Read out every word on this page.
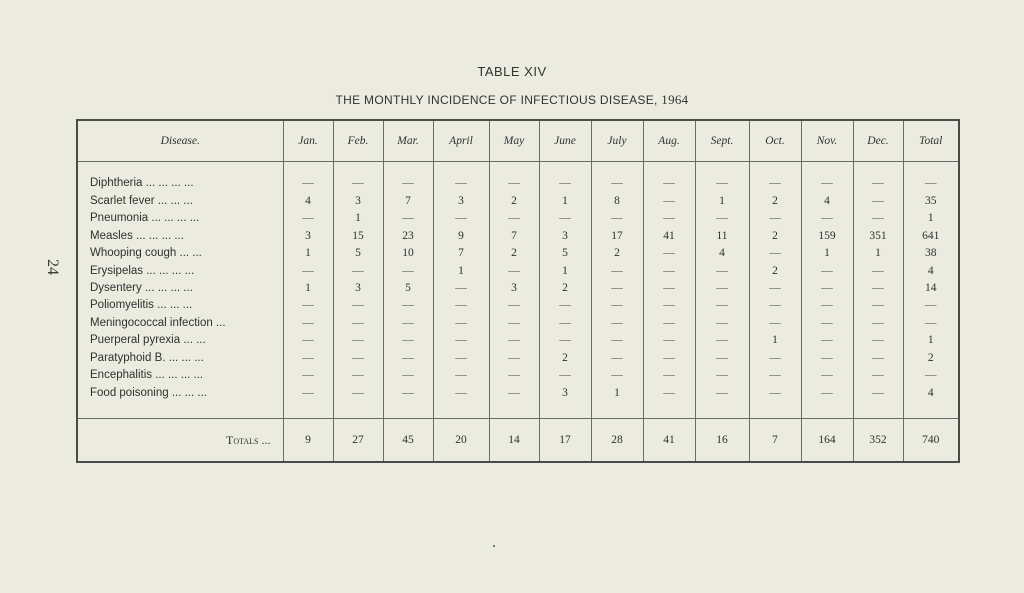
24
TABLE XIV
THE MONTHLY INCIDENCE OF INFECTIOUS DISEASE, 1964
Disease.	Jan.	Feb.	Mar.	April	May	June	July	Aug.	Sept.	Oct.	Nov.	Dec.	Total

Diphtheria ... ... ... ...	—	—	—	—	—	—	—	—	—	—	—	—	—
Scarlet fever ... ... ...	4	3	7	3	2	1	8	—	1	2	4	—	35
Pneumonia ... ... ... ...	—	1	—	—	—	—	—	—	—	—	—	—	1
Measles ... ... ... ...	3	15	23	9	7	3	17	41	11	2	159	351	641
Whooping cough ... ...	1	5	10	7	2	5	2	—	4	—	1	1	38
Erysipelas ... ... ... ...	—	—	—	1	—	1	—	—	—	2	—	—	4
Dysentery ... ... ... ...	1	3	5	—	3	2	—	—	—	—	—	—	14
Poliomyelitis ... ... ...	—	—	—	—	—	—	—	—	—	—	—	—	—
Meningococcal infection ...	—	—	—	—	—	—	—	—	—	—	—	—	—
Puerperal pyrexia ... ...	—	—	—	—	—	—	—	—	—	1	—	—	1
Paratyphoid B. ... ... ...	—	—	—	—	—	2	—	—	—	—	—	—	2
Encephalitis ... ... ... ...	—	—	—	—	—	—	—	—	—	—	—	—	—
Food poisoning ... ... ...	—	—	—	—	—	3	1	—	—	—	—	—	4

Totals ...	9	27	45	20	14	17	28	41	16	7	164	352	740
